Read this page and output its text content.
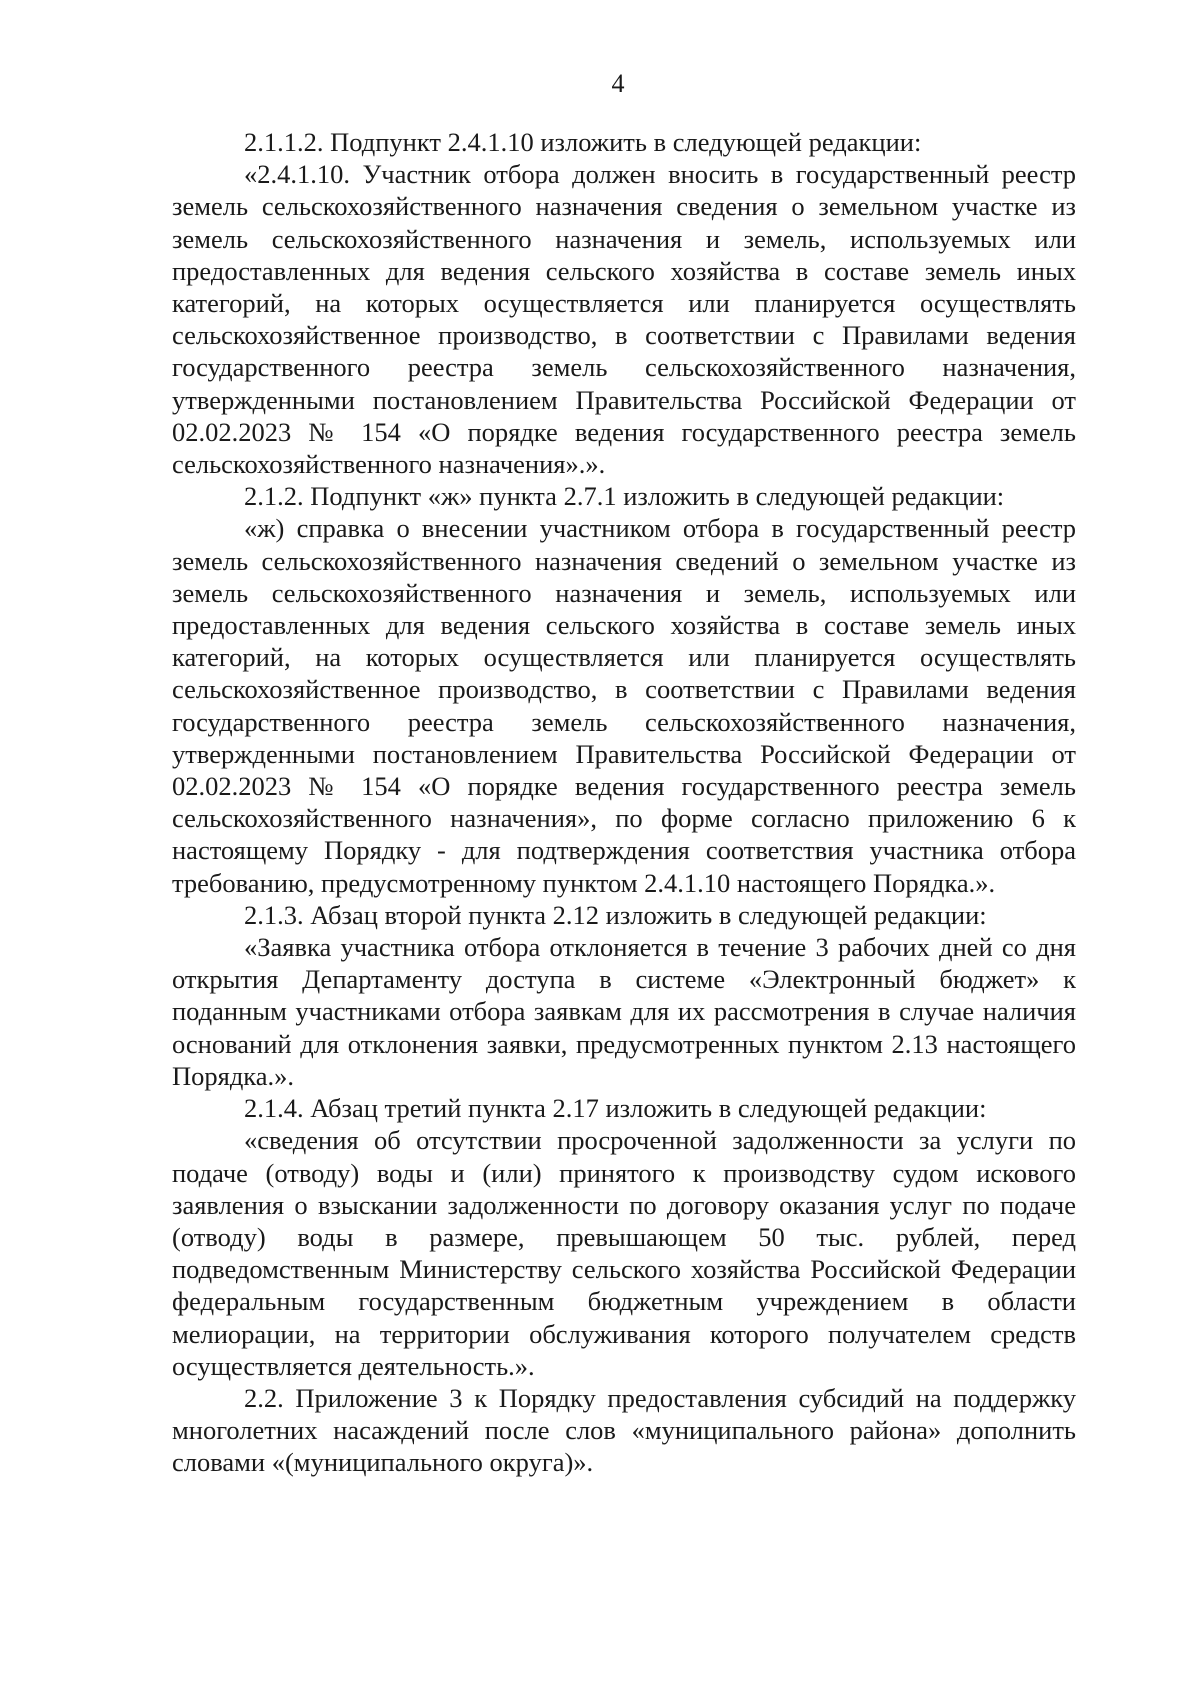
4

2.1.1.2. Подпункт 2.4.1.10 изложить в следующей редакции:

«2.4.1.10. Участник отбора должен вносить в государственный реестр земель сельскохозяйственного назначения сведения о земельном участке из земель сельскохозяйственного назначения и земель, используемых или предоставленных для ведения сельского хозяйства в составе земель иных категорий, на которых осуществляется или планируется осуществлять сельскохозяйственное производство, в соответствии с Правилами ведения государственного реестра земель сельскохозяйственного назначения, утвержденными постановлением Правительства Российской Федерации от 02.02.2023 № 154 «О порядке ведения государственного реестра земель сельскохозяйственного назначения».».

2.1.2. Подпункт «ж» пункта 2.7.1 изложить в следующей редакции:

«ж) справка о внесении участником отбора в государственный реестр земель сельскохозяйственного назначения сведений о земельном участке из земель сельскохозяйственного назначения и земель, используемых или предоставленных для ведения сельского хозяйства в составе земель иных категорий, на которых осуществляется или планируется осуществлять сельскохозяйственное производство, в соответствии с Правилами ведения государственного реестра земель сельскохозяйственного назначения, утвержденными постановлением Правительства Российской Федерации от 02.02.2023 № 154 «О порядке ведения государственного реестра земель сельскохозяйственного назначения», по форме согласно приложению 6 к настоящему Порядку - для подтверждения соответствия участника отбора требованию, предусмотренному пунктом 2.4.1.10 настоящего Порядка.».

2.1.3. Абзац второй пункта 2.12 изложить в следующей редакции:

«Заявка участника отбора отклоняется в течение 3 рабочих дней со дня открытия Департаменту доступа в системе «Электронный бюджет» к поданным участниками отбора заявкам для их рассмотрения в случае наличия оснований для отклонения заявки, предусмотренных пунктом 2.13 настоящего Порядка.».

2.1.4. Абзац третий пункта 2.17 изложить в следующей редакции:

«сведения об отсутствии просроченной задолженности за услуги по подаче (отводу) воды и (или) принятого к производству судом искового заявления о взыскании задолженности по договору оказания услуг по подаче (отводу) воды в размере, превышающем 50 тыс. рублей, перед подведомственным Министерству сельского хозяйства Российской Федерации федеральным государственным бюджетным учреждением в области мелиорации, на территории обслуживания которого получателем средств осуществляется деятельность.».

2.2. Приложение 3 к Порядку предоставления субсидий на поддержку многолетних насаждений после слов «муниципального района» дополнить словами «(муниципального округа)».
